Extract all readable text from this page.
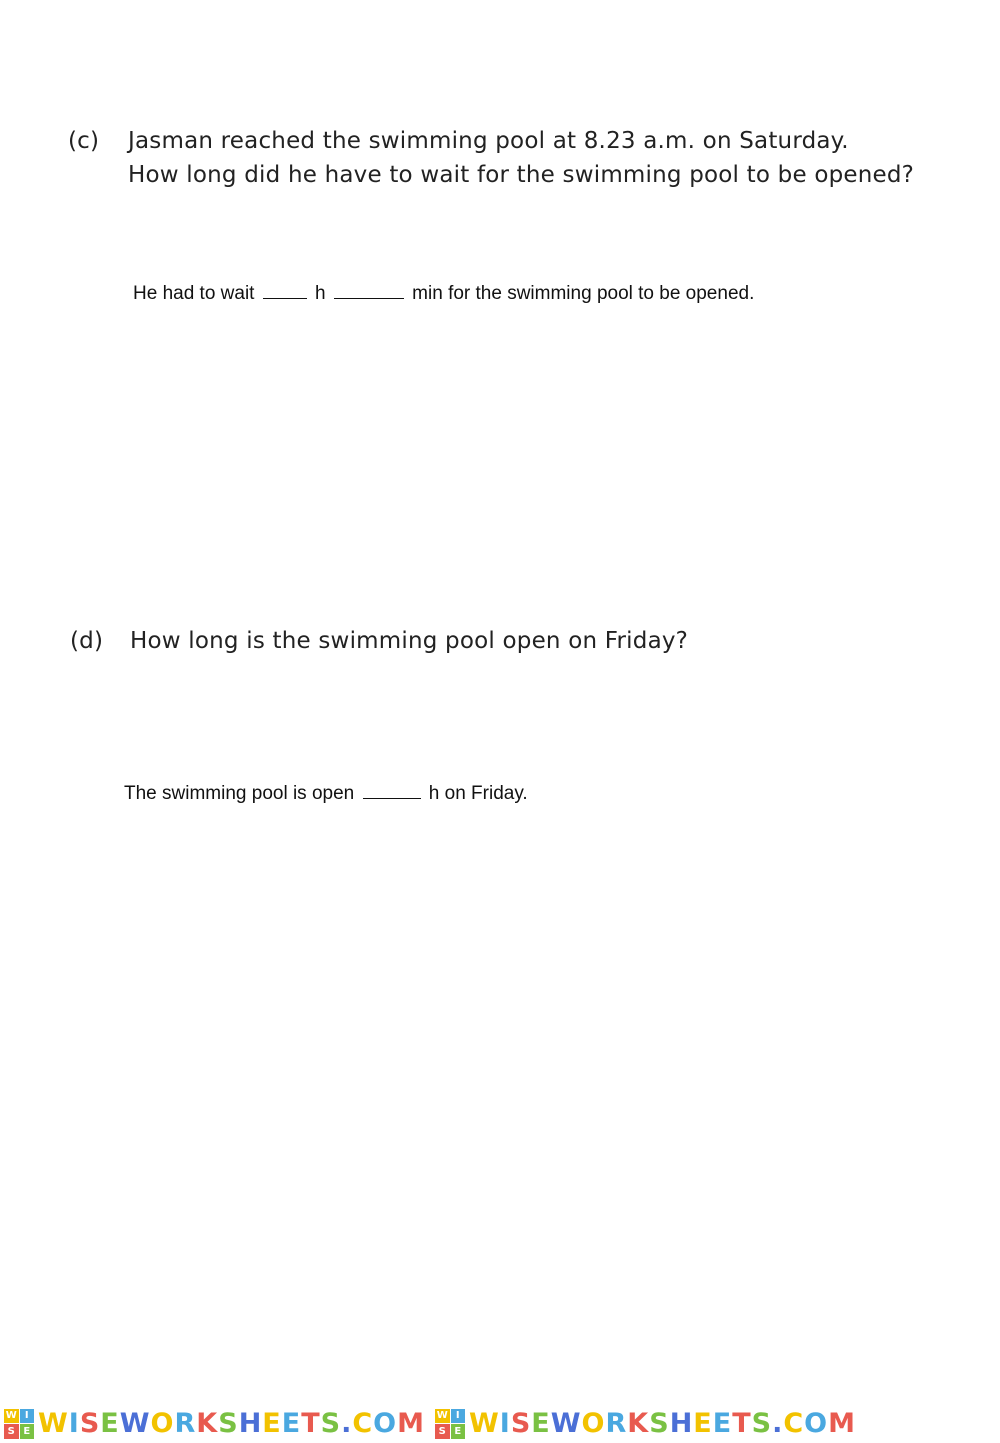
(c) Jasman reached the swimming pool at 8.23 a.m. on Saturday.
How long did he have to wait for the swimming pool to be opened?
He had to wait	h	min for the swimming pool to be opened.
(d) How long is the swimming pool open on Friday?
The swimming pool is open	h on Friday.
W I
S E WISEWORKSHEETS.COM W I
S E WISEWORKSHEETS.COM
